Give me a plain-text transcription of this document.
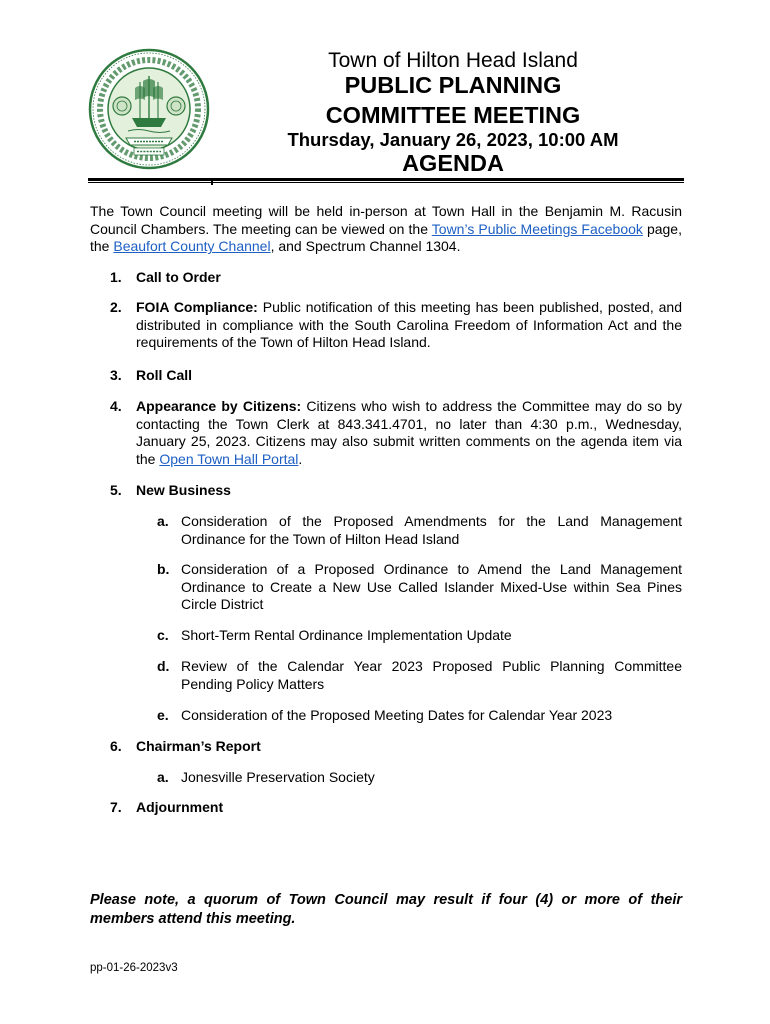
Town of Hilton Head Island
PUBLIC PLANNING
COMMITTEE MEETING
Thursday, January 26, 2023, 10:00 AM
AGENDA
The Town Council meeting will be held in-person at Town Hall in the Benjamin M. Racusin Council Chambers. The meeting can be viewed on the Town’s Public Meetings Facebook page, the Beaufort County Channel, and Spectrum Channel 1304.
1. Call to Order
2. FOIA Compliance: Public notification of this meeting has been published, posted, and distributed in compliance with the South Carolina Freedom of Information Act and the requirements of the Town of Hilton Head Island.
3. Roll Call
4. Appearance by Citizens: Citizens who wish to address the Committee may do so by contacting the Town Clerk at 843.341.4701, no later than 4:30 p.m., Wednesday, January 25, 2023. Citizens may also submit written comments on the agenda item via the Open Town Hall Portal.
5. New Business
a. Consideration of the Proposed Amendments for the Land Management Ordinance for the Town of Hilton Head Island
b. Consideration of a Proposed Ordinance to Amend the Land Management Ordinance to Create a New Use Called Islander Mixed-Use within Sea Pines Circle District
c. Short-Term Rental Ordinance Implementation Update
d. Review of the Calendar Year 2023 Proposed Public Planning Committee Pending Policy Matters
e. Consideration of the Proposed Meeting Dates for Calendar Year 2023
6. Chairman’s Report
a. Jonesville Preservation Society
7. Adjournment
Please note, a quorum of Town Council may result if four (4) or more of their members attend this meeting.
pp-01-26-2023v3
